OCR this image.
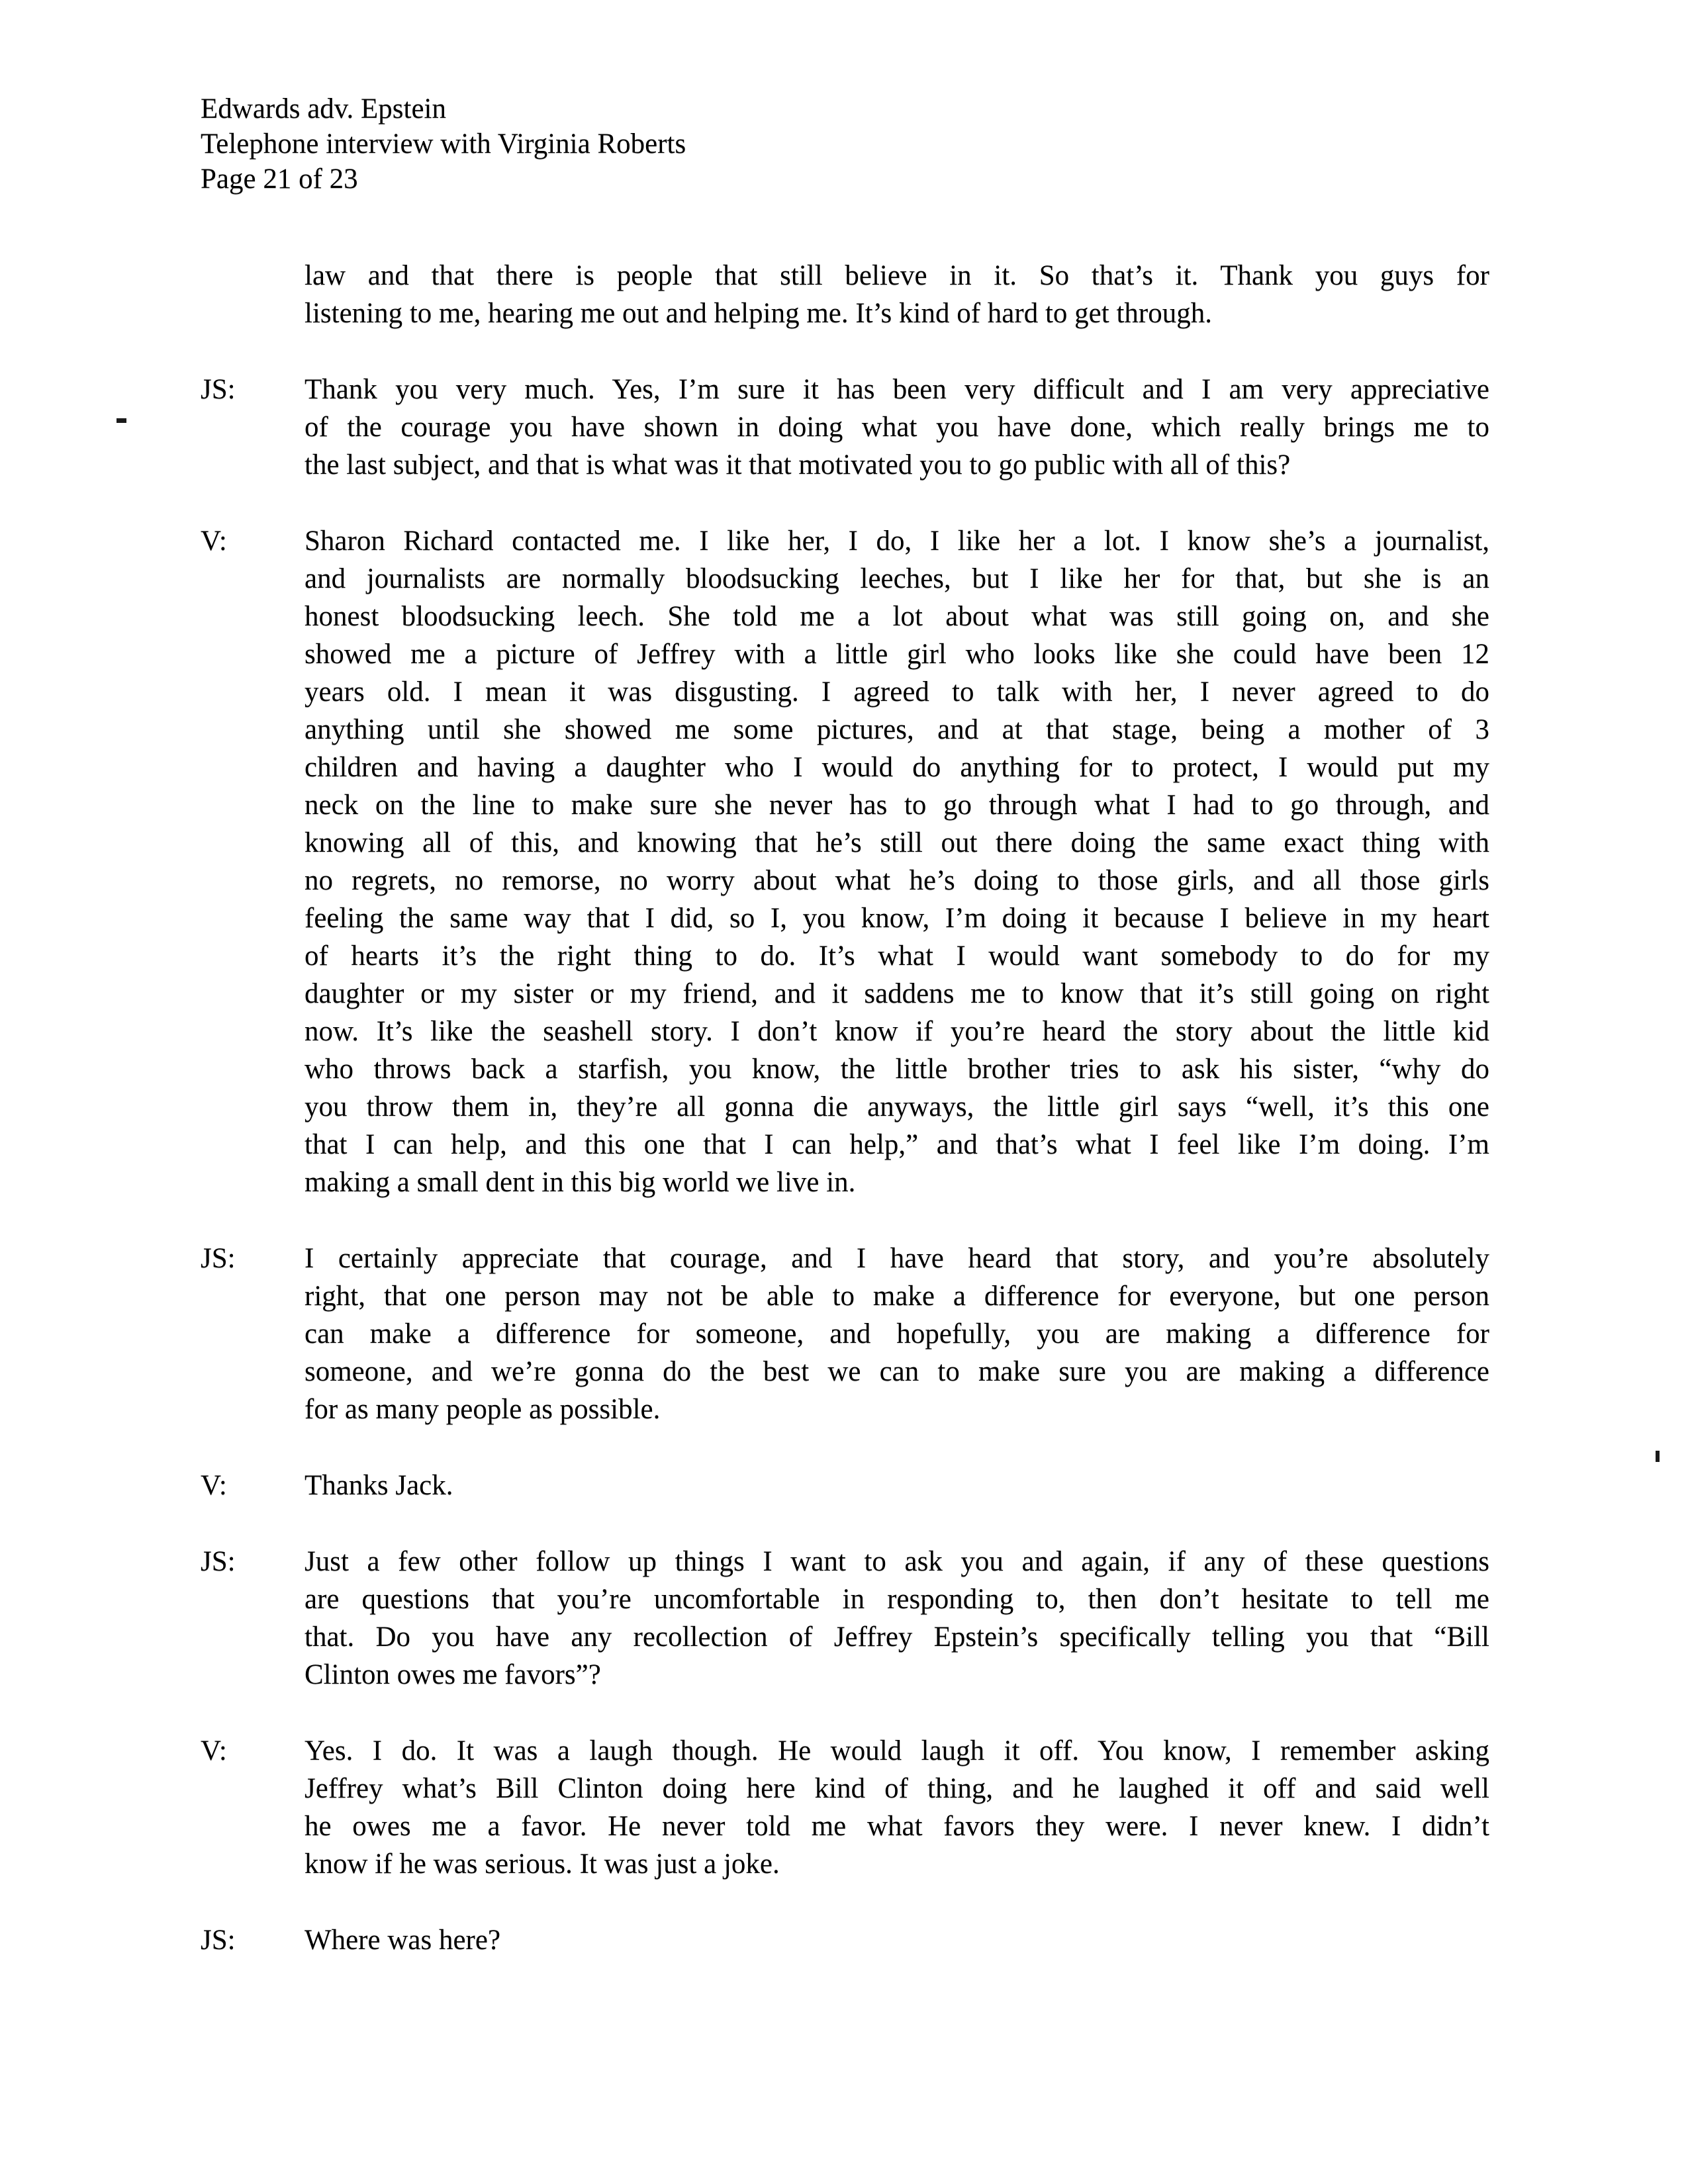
Edwards adv. Epstein
Telephone interview with Virginia Roberts
Page 21 of 23
law and that there is people that still believe in it. So that’s it. Thank you guys for
listening to me, hearing me out and helping me. It’s kind of hard to get through.
JS: Thank you very much. Yes, I’m sure it has been very difficult and I am very appreciative
of the courage you have shown in doing what you have done, which really brings me to
the last subject, and that is what was it that motivated you to go public with all of this?
V:	Sharon Richard contacted me. I like her, I do, I like her a lot. I know she’s a journalist,
and journalists are normally bloodsucking leeches, but I like her for that, but she is an
honest bloodsucking leech. She told me a lot about what was still going on, and she
showed me a picture of Jeffrey with a little girl who looks like she could have been 12
years old. I mean it was disgusting. I agreed to talk with her, I never agreed to do
anything until she showed me some pictures, and at that stage, being a mother of 3
children and having a daughter who I would do anything for to protect, I would put my
neck on the line to make sure she never has to go through what I had to go through, and
knowing all of this, and knowing that he’s still out there doing the same exact thing with
no regrets, no remorse, no worry about what he’s doing to those girls, and all those girls
feeling the same way that I did, so I, you know, I’m doing it because I believe in my heart
of hearts it’s the right thing to do. It’s what I would want somebody to do for my
daughter or my sister or my friend, and it saddens me to know that it’s still going on right
now. It’s like the seashell story. I don’t know if you’re heard the story about the little kid
who throws back a starfish, you know, the little brother tries to ask his sister, “why do
you throw them in, they’re all gonna die anyways, the little girl says “well, it’s this one
that I can help, and this one that I can help,” and that’s what I feel like I’m doing. I’m
making a small dent in this big world we live in.
JS: I certainly appreciate that courage, and I have heard that story, and you’re absolutely
right, that one person may not be able to make a difference for everyone, but one person
can make a difference for someone, and hopefully, you are making a difference for
someone, and we’re gonna do the best we can to make sure you are making a difference
for as many people as possible.
V:	Thanks Jack.
JS: Just a few other follow up things I want to ask you and again, if any of these questions
are questions that you’re uncomfortable in responding to, then don’t hesitate to tell me
that. Do you have any recollection of Jeffrey Epstein’s specifically telling you that “Bill
Clinton owes me favors”?
V:	Yes. I do. It was a laugh though. He would laugh it off. You know, I remember asking
Jeffrey what’s Bill Clinton doing here kind of thing, and he laughed it off and said well
he owes me a favor. He never told me what favors they were. I never knew. I didn’t
know if he was serious. It was just a joke.
JS: Where was here?
